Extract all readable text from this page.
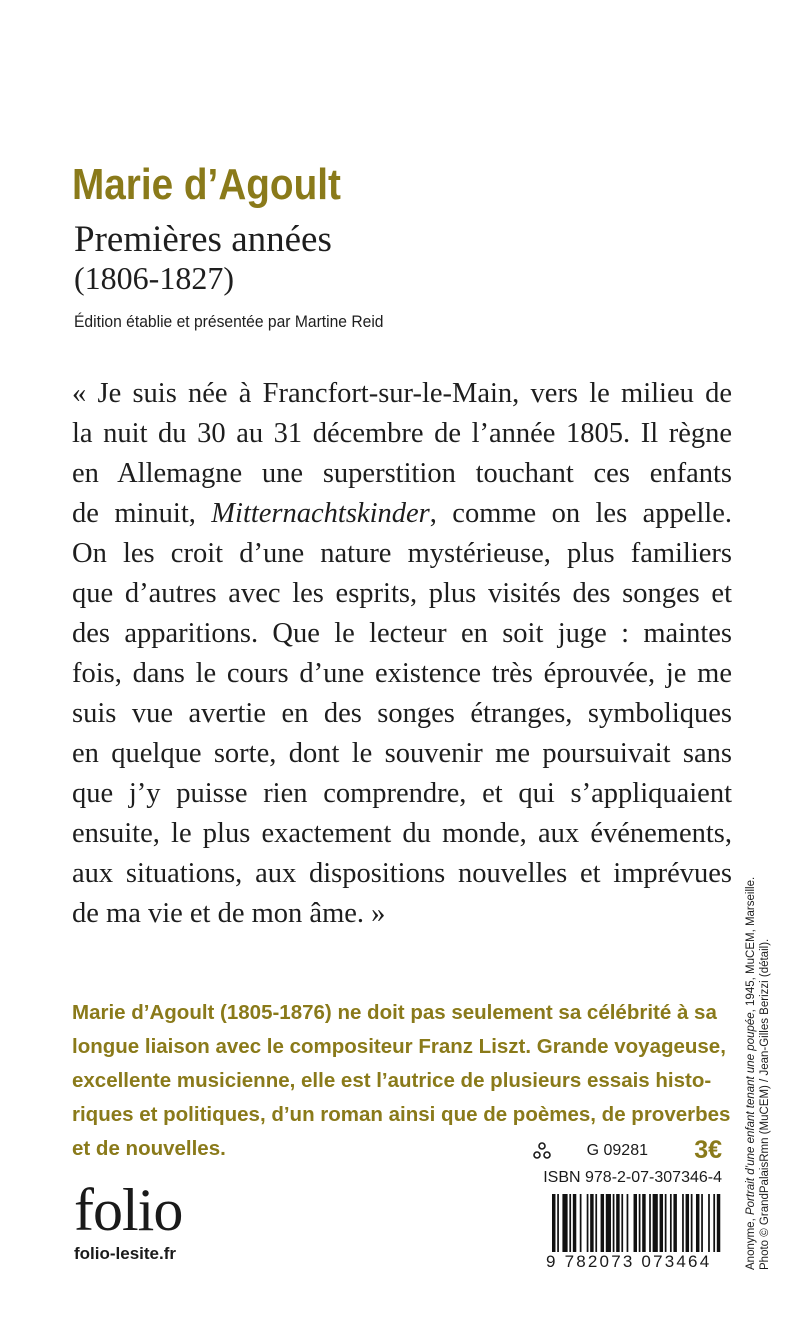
Marie d’Agoult
Premières années
(1806-1827)
Édition établie et présentée par Martine Reid
« Je suis née à Francfort-sur-le-Main, vers le milieu de
la nuit du 30 au 31 décembre de l’année 1805. Il règne
en Allemagne une superstition touchant ces enfants
de minuit, Mitternachtskinder, comme on les appelle.
On les croit d’une nature mystérieuse, plus familiers
que d’autres avec les esprits, plus visités des songes et
des apparitions. Que le lecteur en soit juge : maintes
fois, dans le cours d’une existence très éprouvée, je me
suis vue avertie en des songes étranges, symboliques
en quelque sorte, dont le souvenir me poursuivait sans
que j’y puisse rien comprendre, et qui s’appliquaient
ensuite, le plus exactement du monde, aux événements,
aux situations, aux dispositions nouvelles et imprévues
de ma vie et de mon âme. »
Marie d’Agoult (1805-1876) ne doit pas seulement sa célébrité à sa
longue liaison avec le compositeur Franz Liszt. Grande voyageuse,
excellente musicienne, elle est l’autrice de plusieurs essais histo-
riques et politiques, d’un roman ainsi que de poèmes, de proverbes
et de nouvelles.
folio
folio-lesite.fr
G 09281 3€
ISBN 978-2-07-307346-4
9 782073 073464	Anonyme, Portrait d’une enfant tenant une poupée, 1945, MuCEM, Marseille. Photo © GrandPalaisRmn (MuCEM) / Jean-Gilles Berizzi (détail).
